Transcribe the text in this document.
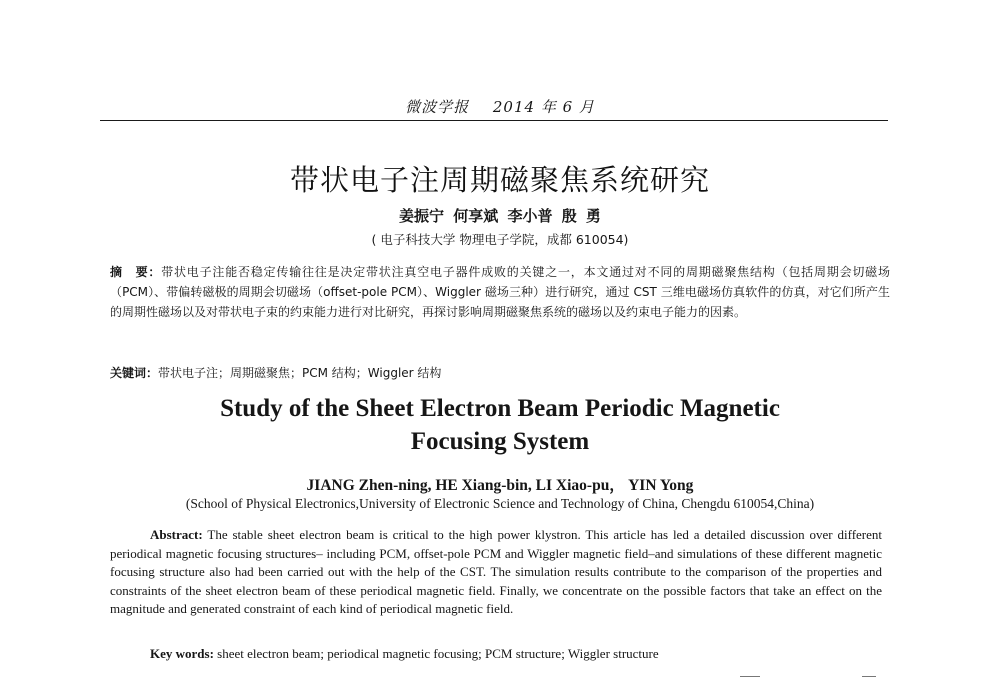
微波学报 2014 年 6 月
带状电子注周期磁聚焦系统研究
姜振宁 何享斌 李小普 殷 勇
( 电子科技大学 物理电子学院，成都 610054)
摘　要：带状电子注能否稳定传输往往是决定带状注真空电子器件成败的关键之一，本文通过对不同的周期磁聚焦结构（包括周期会切磁场（PCM）、带偏转磁极的周期会切磁场（offset-pole PCM）、Wiggler 磁场三种）进行研究，通过 CST 三维电磁场仿真软件的仿真，对它们所产生的周期性磁场以及对带状电子束的约束能力进行对比研究，再探讨影响周期磁聚焦系统的磁场以及约束电子能力的因素。
关键词：带状电子注；周期磁聚焦；PCM 结构；Wiggler 结构
Study of the Sheet Electron Beam Periodic Magnetic
Focusing System
JIANG Zhen-ning, HE Xiang-bin, LI Xiao-pu， YIN Yong
(School of Physical Electronics,University of Electronic Science and Technology of China, Chengdu 610054,China)
Abstract: The stable sheet electron beam is critical to the high power klystron. This article has led a detailed discussion over different periodical magnetic focusing structures– including PCM, offset-pole PCM and Wiggler magnetic field–and simulations of these different magnetic focusing structure also had been carried out with the help of the CST. The simulation results contribute to the comparison of the properties and constraints of the sheet electron beam of these periodical magnetic field. Finally, we concentrate on the possible factors that take an effect on the magnitude and generated constraint of each kind of periodical magnetic field.
Key words: sheet electron beam; periodical magnetic focusing; PCM structure; Wiggler structure
